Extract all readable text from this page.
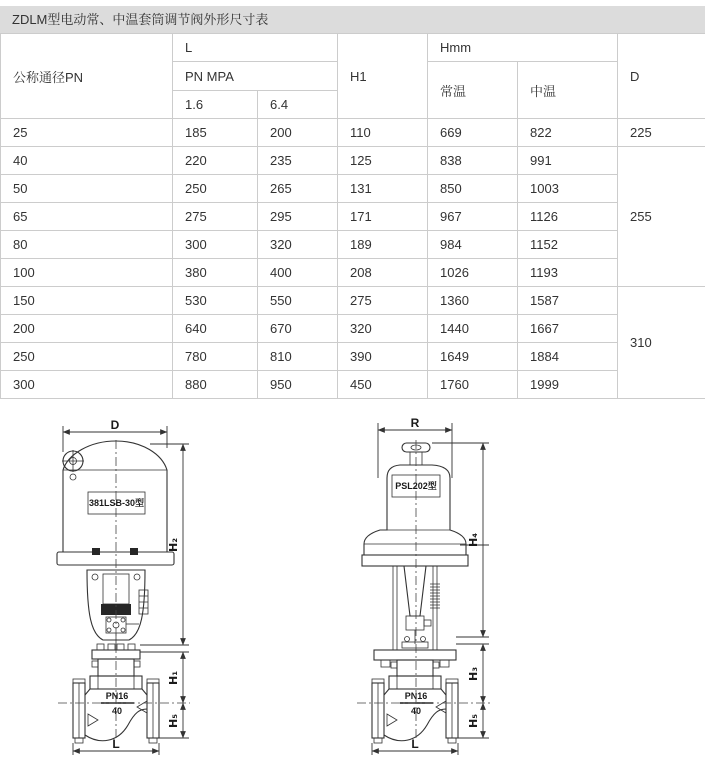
ZDLM型电动常、中温套筒调节阀外形尺寸表
公称通径PN	L		H1	Hmm		D
	PN MPA			常温	中温	
	1.6	6.4				
25	185	200	110	669	822	225
40	220	235	125	838	991	255
50	250	265	131	850	1003	
65	275	295	171	967	1126	
80	300	320	189	984	1152	
100	380	400	208	1026	1193	
150	530	550	275	1360	1587	310
200	640	670	320	1440	1667	
250	780	810	390	1649	1884	
300	880	950	450	1760	1999	
D
381LSB-30型
PN16
40
H₂
H₁
H₅
L
R
PSL202型
PN16
40
H₄
H₃
H₅
L
